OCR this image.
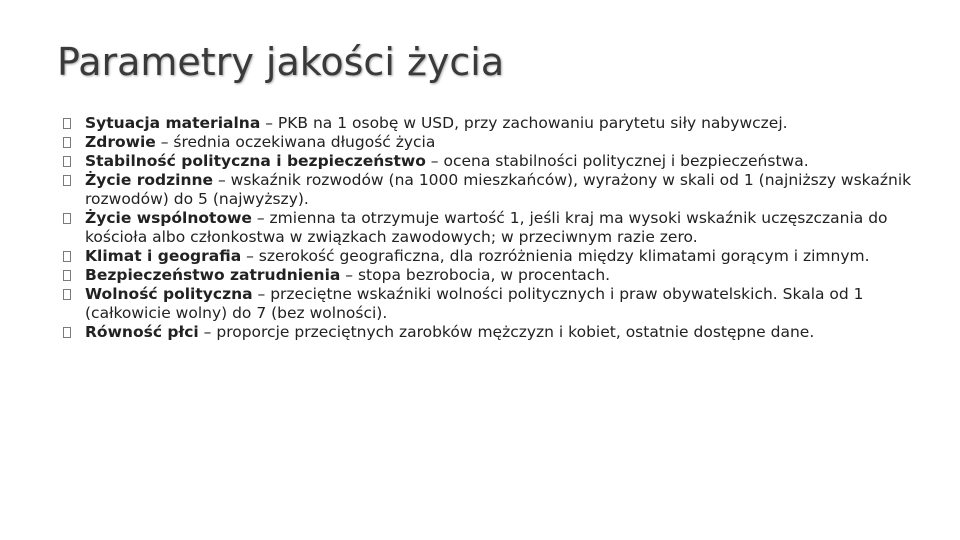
Parametry jakości życia
Sytuacja materialna – PKB na 1 osobę w USD, przy zachowaniu parytetu siły nabywczej.
Zdrowie – średnia oczekiwana długość życia
Stabilność polityczna i bezpieczeństwo – ocena stabilności politycznej i bezpieczeństwa.
Życie rodzinne – wskaźnik rozwodów (na 1000 mieszkańców), wyrażony w skali od 1 (najniższy wskaźnik rozwodów) do 5 (najwyższy).
Życie wspólnotowe – zmienna ta otrzymuje wartość 1, jeśli kraj ma wysoki wskaźnik uczęszczania do kościoła albo członkostwa w związkach zawodowych; w przeciwnym razie zero.
Klimat i geografia – szerokość geograficzna, dla rozróżnienia między klimatami gorącym i zimnym.
Bezpieczeństwo zatrudnienia – stopa bezrobocia, w procentach.
Wolność polityczna – przeciętne wskaźniki wolności politycznych i praw obywatelskich. Skala od 1 (całkowicie wolny) do 7 (bez wolności).
Równość płci – proporcje przeciętnych zarobków mężczyzn i kobiet, ostatnie dostępne dane.
